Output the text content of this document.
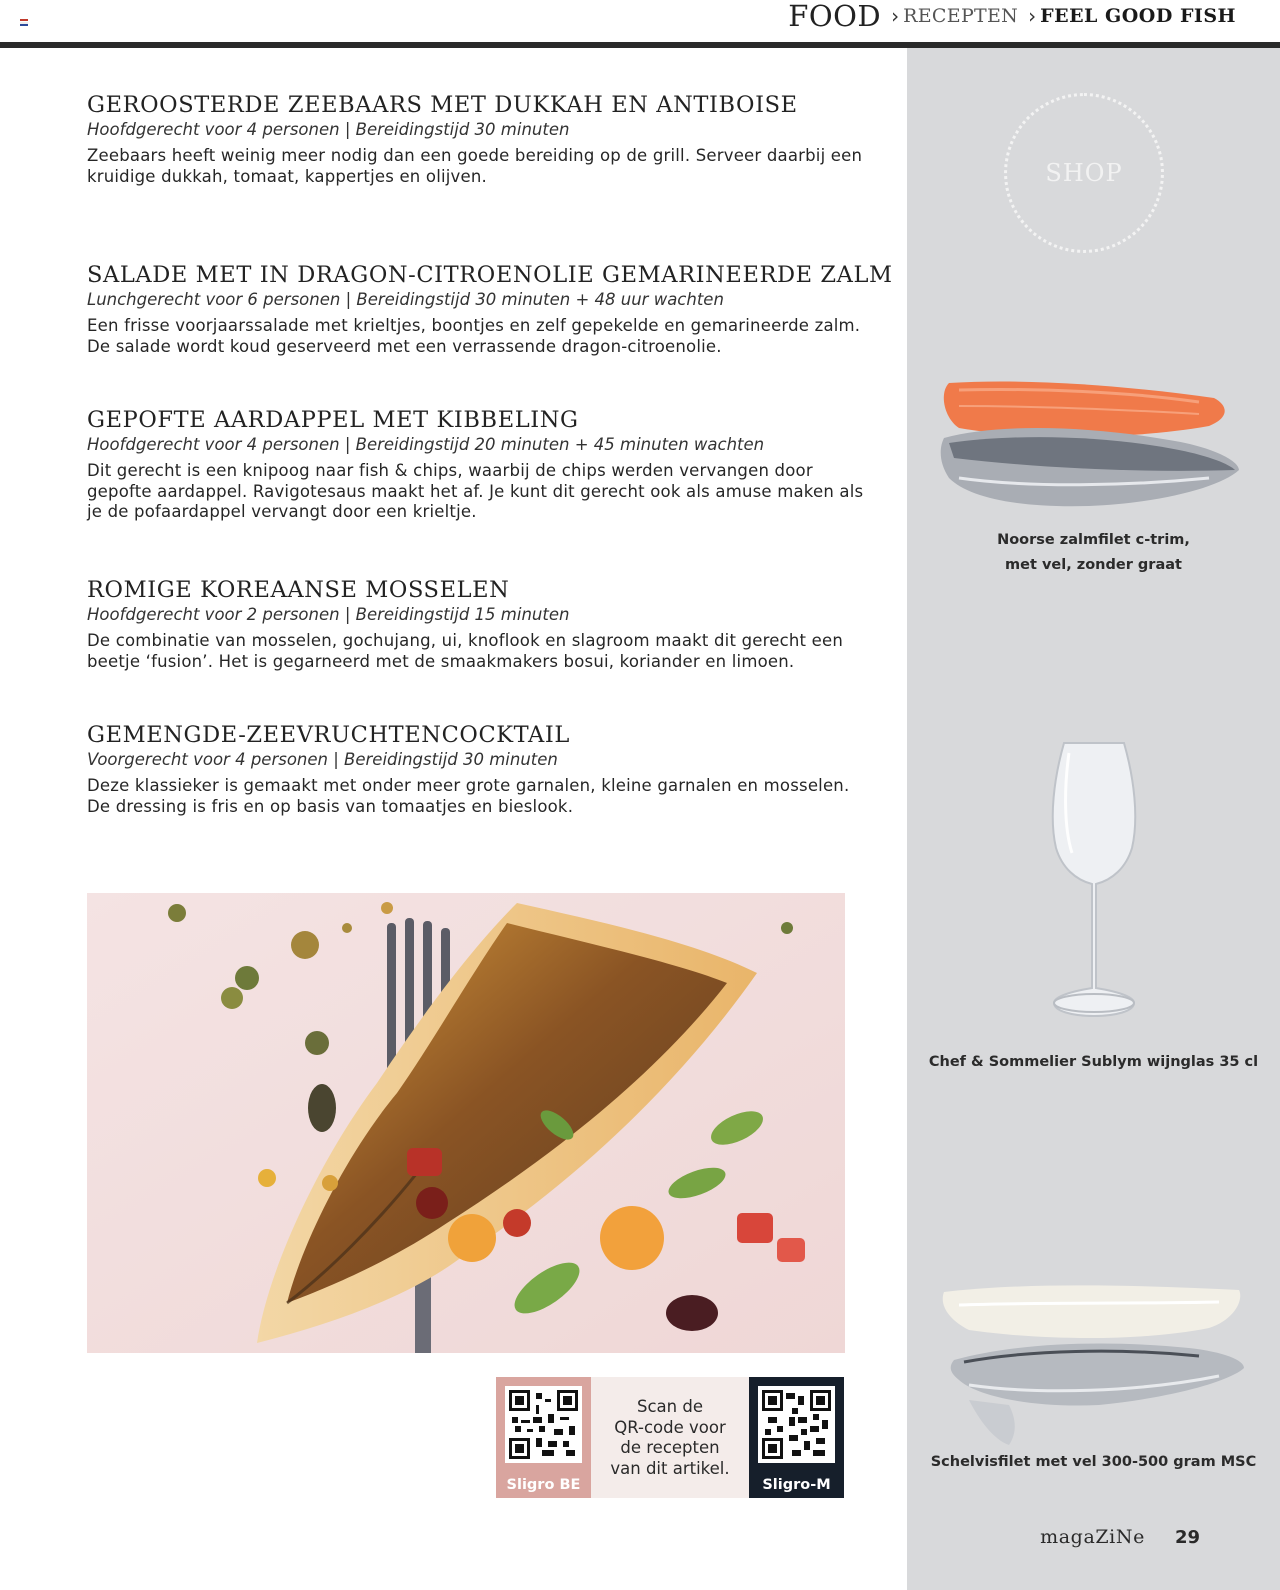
FOOD › RECEPTEN › FEEL GOOD FISH
GEROOSTERDE ZEEBAARS MET DUKKAH EN ANTIBOISE
Hoofdgerecht voor 4 personen | Bereidingstijd 30 minuten
Zeebaars heeft weinig meer nodig dan een goede bereiding op de grill. Serveer daarbij een kruidige dukkah, tomaat, kappertjes en olijven.
SALADE MET IN DRAGON-CITROENOLIE GEMARINEERDE ZALM
Lunchgerecht voor 6 personen | Bereidingstijd 30 minuten + 48 uur wachten
Een frisse voorjaarssalade met krieltjes, boontjes en zelf gepekelde en gemarineerde zalm. De salade wordt koud geserveerd met een verrassende dragon-citroenolie.
GEPOFTE AARDAPPEL MET KIBBELING
Hoofdgerecht voor 4 personen | Bereidingstijd 20 minuten + 45 minuten wachten
Dit gerecht is een knipoog naar fish & chips, waarbij de chips werden vervangen door gepofte aardappel. Ravigotesaus maakt het af. Je kunt dit gerecht ook als amuse maken als je de pofaardappel vervangt door een krieltje.
ROMIGE KOREAANSE MOSSELEN
Hoofdgerecht voor 2 personen | Bereidingstijd 15 minuten
De combinatie van mosselen, gochujang, ui, knoflook en slagroom maakt dit gerecht een beetje ‘fusion’. Het is gegarneerd met de smaakmakers bosui, koriander en limoen.
GEMENGDE-ZEEVRUCHTENCOCKTAIL
Voorgerecht voor 4 personen | Bereidingstijd 30 minuten
Deze klassieker is gemaakt met onder meer grote garnalen, kleine garnalen en mosselen. De dressing is fris en op basis van tomaatjes en bieslook.
Sligro BE
Scan de
QR-code voor
de recepten
van dit artikel.
Sligro-M
SHOP
Noorse zalmfilet c-trim,
met vel, zonder graat
Chef & Sommelier Sublym wijnglas 35 cl
Schelvisfilet met vel 300-500 gram MSC
magaZiNe 29
